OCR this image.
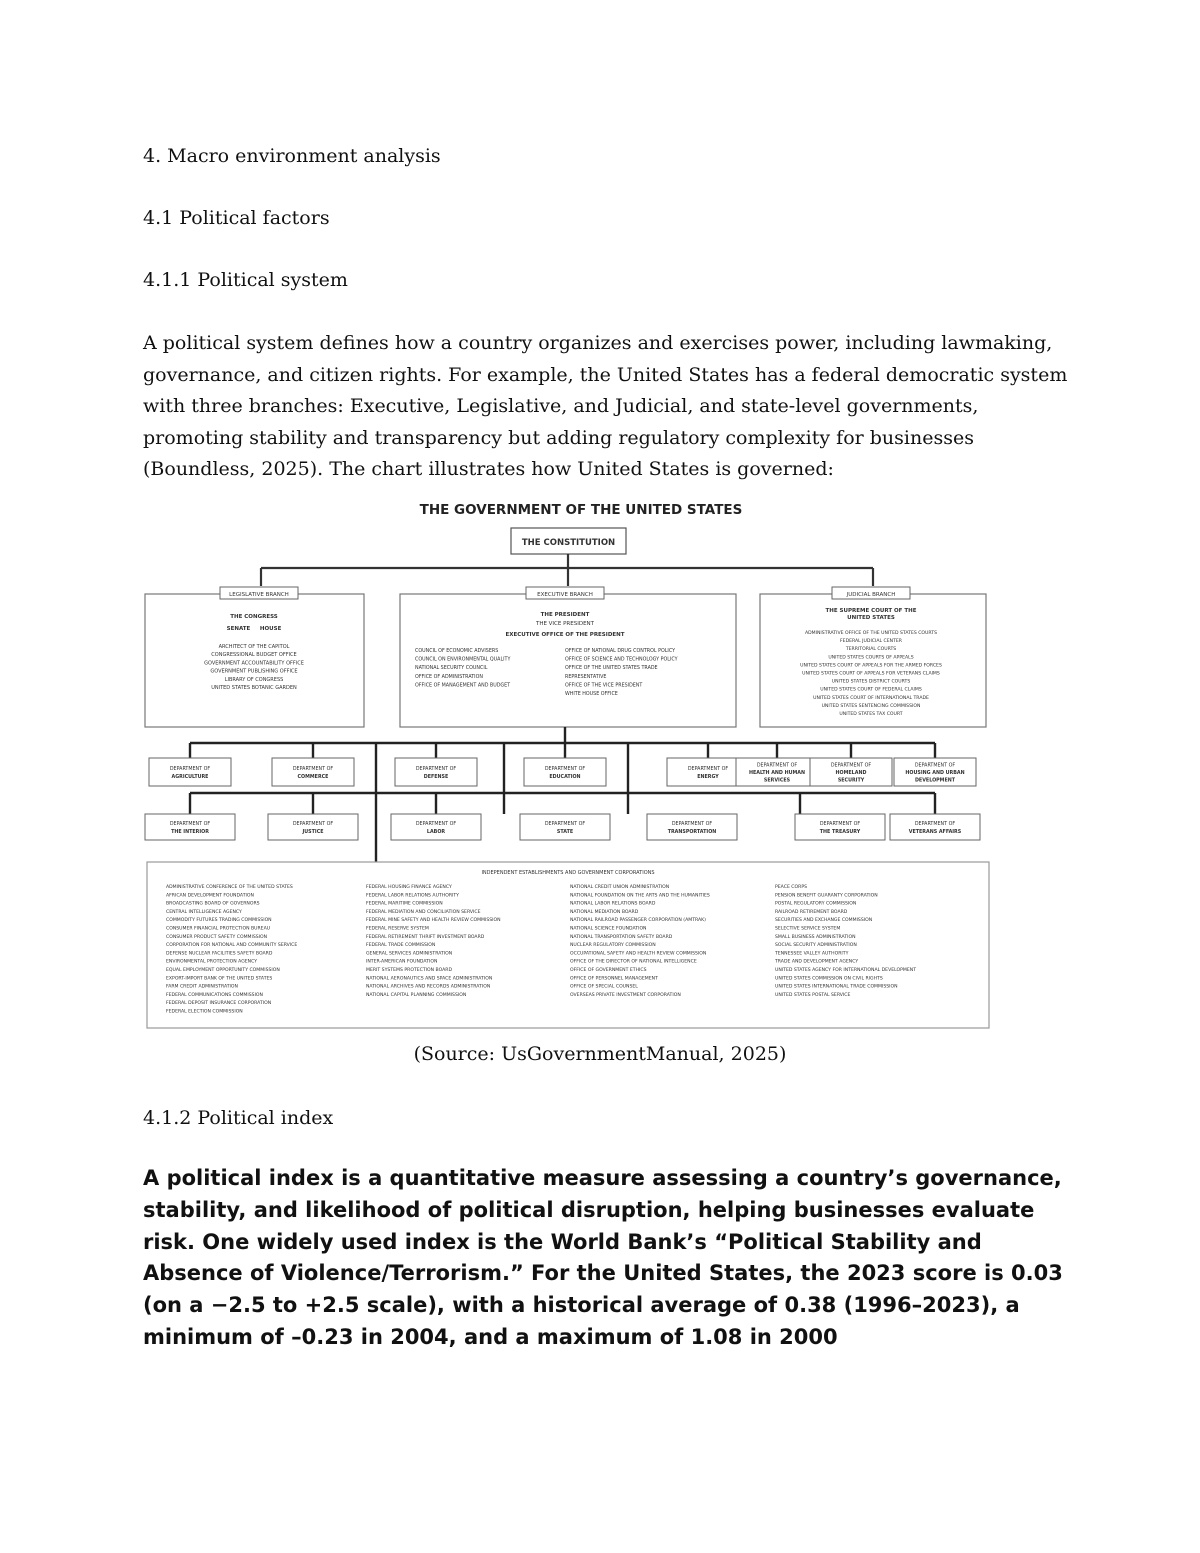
4. Macro environment analysis
4.1 Political factors
4.1.1 Political system
A political system defines how a country organizes and exercises power, including lawmaking, governance, and citizen rights. For example, the United States has a federal democratic system with three branches: Executive, Legislative, and Judicial, and state-level governments, promoting stability and transparency but adding regulatory complexity for businesses (Boundless, 2025). The chart illustrates how United States is governed:
THE GOVERNMENT OF THE UNITED STATES
THE CONSTITUTION
LEGISLATIVE BRANCH	EXECUTIVE BRANCH	JUDICIAL BRANCH
THE CONGRESS
SENATE     HOUSE
ARCHITECT OF THE CAPITOL
CONGRESSIONAL BUDGET OFFICE
GOVERNMENT ACCOUNTABILITY OFFICE
GOVERNMENT PUBLISHING OFFICE
LIBRARY OF CONGRESS
UNITED STATES BOTANIC GARDEN
THE PRESIDENT
THE VICE PRESIDENT
EXECUTIVE OFFICE OF THE PRESIDENT
COUNCIL OF ECONOMIC ADVISERS
COUNCIL ON ENVIRONMENTAL QUALITY
NATIONAL SECURITY COUNCIL
OFFICE OF ADMINISTRATION
OFFICE OF MANAGEMENT AND BUDGET
OFFICE OF NATIONAL DRUG CONTROL POLICY
OFFICE OF SCIENCE AND TECHNOLOGY POLICY
OFFICE OF THE UNITED STATES TRADE
REPRESENTATIVE
OFFICE OF THE VICE PRESIDENT
WHITE HOUSE OFFICE
THE SUPREME COURT OF THE
UNITED STATES
ADMINISTRATIVE OFFICE OF THE UNITED STATES COURTS
FEDERAL JUDICIAL CENTER
TERRITORIAL COURTS
UNITED STATES COURTS OF APPEALS
UNITED STATES COURT OF APPEALS FOR THE ARMED FORCES
UNITED STATES COURT OF APPEALS FOR VETERANS CLAIMS
UNITED STATES DISTRICT COURTS
UNITED STATES COURT OF FEDERAL CLAIMS
UNITED STATES COURT OF INTERNATIONAL TRADE
UNITED STATES SENTENCING COMMISSION
UNITED STATES TAX COURT
DEPARTMENT OF
AGRICULTURE
DEPARTMENT OF
COMMERCE
DEPARTMENT OF
DEFENSE
DEPARTMENT OF
EDUCATION
DEPARTMENT OF
ENERGY
DEPARTMENT OF
HEALTH AND HUMAN
SERVICES
DEPARTMENT OF
HOMELAND
SECURITY
DEPARTMENT OF
HOUSING AND URBAN
DEVELOPMENT
DEPARTMENT OF
THE INTERIOR
DEPARTMENT OF
JUSTICE
DEPARTMENT OF
LABOR
DEPARTMENT OF
STATE
DEPARTMENT OF
TRANSPORTATION
DEPARTMENT OF
THE TREASURY
DEPARTMENT OF
VETERANS AFFAIRS
INDEPENDENT ESTABLISHMENTS AND GOVERNMENT CORPORATIONS
ADMINISTRATIVE CONFERENCE OF THE UNITED STATES
AFRICAN DEVELOPMENT FOUNDATION
BROADCASTING BOARD OF GOVERNORS
CENTRAL INTELLIGENCE AGENCY
COMMODITY FUTURES TRADING COMMISSION
CONSUMER FINANCIAL PROTECTION BUREAU
CONSUMER PRODUCT SAFETY COMMISSION
CORPORATION FOR NATIONAL AND COMMUNITY SERVICE
DEFENSE NUCLEAR FACILITIES SAFETY BOARD
ENVIRONMENTAL PROTECTION AGENCY
EQUAL EMPLOYMENT OPPORTUNITY COMMISSION
EXPORT-IMPORT BANK OF THE UNITED STATES
FARM CREDIT ADMINISTRATION
FEDERAL COMMUNICATIONS COMMISSION
FEDERAL DEPOSIT INSURANCE CORPORATION
FEDERAL ELECTION COMMISSION
FEDERAL HOUSING FINANCE AGENCY
FEDERAL LABOR RELATIONS AUTHORITY
FEDERAL MARITIME COMMISSION
FEDERAL MEDIATION AND CONCILIATION SERVICE
FEDERAL MINE SAFETY AND HEALTH REVIEW COMMISSION
FEDERAL RESERVE SYSTEM
FEDERAL RETIREMENT THRIFT INVESTMENT BOARD
FEDERAL TRADE COMMISSION
GENERAL SERVICES ADMINISTRATION
INTER-AMERICAN FOUNDATION
MERIT SYSTEMS PROTECTION BOARD
NATIONAL AERONAUTICS AND SPACE ADMINISTRATION
NATIONAL ARCHIVES AND RECORDS ADMINISTRATION
NATIONAL CAPITAL PLANNING COMMISSION
NATIONAL CREDIT UNION ADMINISTRATION
NATIONAL FOUNDATION ON THE ARTS AND THE HUMANITIES
NATIONAL LABOR RELATIONS BOARD
NATIONAL MEDIATION BOARD
NATIONAL RAILROAD PASSENGER CORPORATION (AMTRAK)
NATIONAL SCIENCE FOUNDATION
NATIONAL TRANSPORTATION SAFETY BOARD
NUCLEAR REGULATORY COMMISSION
OCCUPATIONAL SAFETY AND HEALTH REVIEW COMMISSION
OFFICE OF THE DIRECTOR OF NATIONAL INTELLIGENCE
OFFICE OF GOVERNMENT ETHICS
OFFICE OF PERSONNEL MANAGEMENT
OFFICE OF SPECIAL COUNSEL
OVERSEAS PRIVATE INVESTMENT CORPORATION
PEACE CORPS
PENSION BENEFIT GUARANTY CORPORATION
POSTAL REGULATORY COMMISSION
RAILROAD RETIREMENT BOARD
SECURITIES AND EXCHANGE COMMISSION
SELECTIVE SERVICE SYSTEM
SMALL BUSINESS ADMINISTRATION
SOCIAL SECURITY ADMINISTRATION
TENNESSEE VALLEY AUTHORITY
TRADE AND DEVELOPMENT AGENCY
UNITED STATES AGENCY FOR INTERNATIONAL DEVELOPMENT
UNITED STATES COMMISSION ON CIVIL RIGHTS
UNITED STATES INTERNATIONAL TRADE COMMISSION
UNITED STATES POSTAL SERVICE
(Source: UsGovernmentManual, 2025)
4.1.2 Political index
A political index is a quantitative measure assessing a country’s governance, stability, and likelihood of political disruption, helping businesses evaluate risk. One widely used index is the World Bank’s “Political Stability and Absence of Violence/Terrorism.” For the United States, the 2023 score is 0.03 (on a −2.5 to +2.5 scale), with a historical average of 0.38 (1996–2023), a minimum of –0.23 in 2004, and a maximum of 1.08 in 2000
